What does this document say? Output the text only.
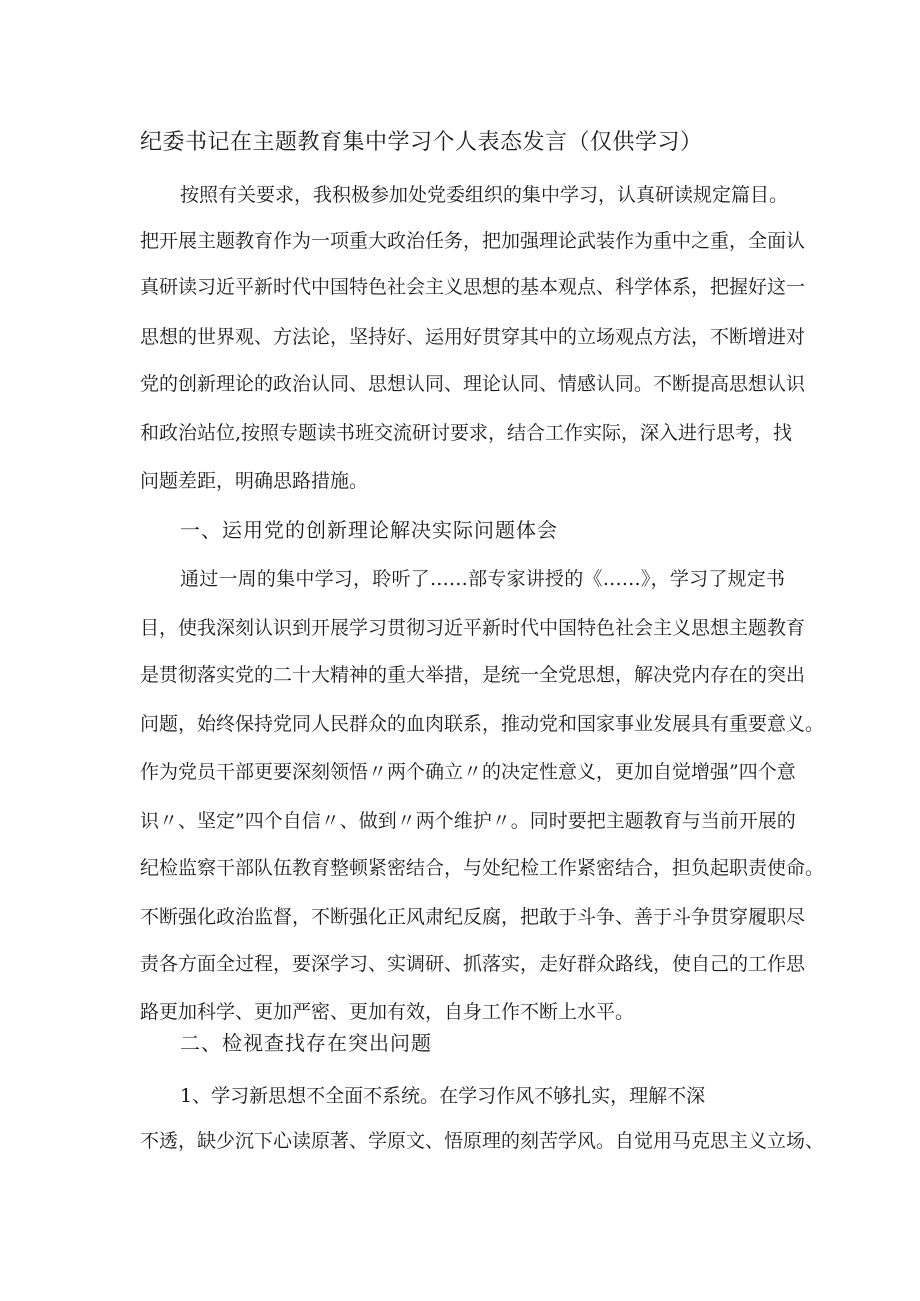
纪委书记在主题教育集中学习个人表态发言（仅供学习）
按照有关要求，我积极参加处党委组织的集中学习，认真研读规定篇目。
把开展主题教育作为一项重大政治任务，把加强理论武装作为重中之重，全面认
真研读习近平新时代中国特色社会主义思想的基本观点、科学体系，把握好这一
思想的世界观、方法论，坚持好、运用好贯穿其中的立场观点方法，不断增进对
党的创新理论的政治认同、思想认同、理论认同、情感认同。不断提高思想认识
和政治站位,按照专题读书班交流研讨要求，结合工作实际，深入进行思考，找
问题差距，明确思路措施。
一、运用党的创新理论解决实际问题体会
通过一周的集中学习，聆听了……部专家讲授的《……》，学习了规定书
目，使我深刻认识到开展学习贯彻习近平新时代中国特色社会主义思想主题教育
是贯彻落实党的二十大精神的重大举措，是统一全党思想，解决党内存在的突出
问题，始终保持党同人民群众的血肉联系，推动党和国家事业发展具有重要意义。
作为党员干部更要深刻领悟〃两个确立〃的决定性意义，更加自觉增强”四个意
识〃、坚定”四个自信〃、做到〃两个维护〃。同时要把主题教育与当前开展的
纪检监察干部队伍教育整顿紧密结合，与处纪检工作紧密结合，担负起职责使命。
不断强化政治监督，不断强化正风肃纪反腐，把敢于斗争、善于斗争贯穿履职尽
责各方面全过程，要深学习、实调研、抓落实，走好群众路线，使自己的工作思
路更加科学、更加严密、更加有效，自身工作不断上水平。
二、检视查找存在突出问题
1、学习新思想不全面不系统。在学习作风不够扎实，理解不深
不透，缺少沉下心读原著、学原文、悟原理的刻苦学风。自觉用马克思主义立场、
